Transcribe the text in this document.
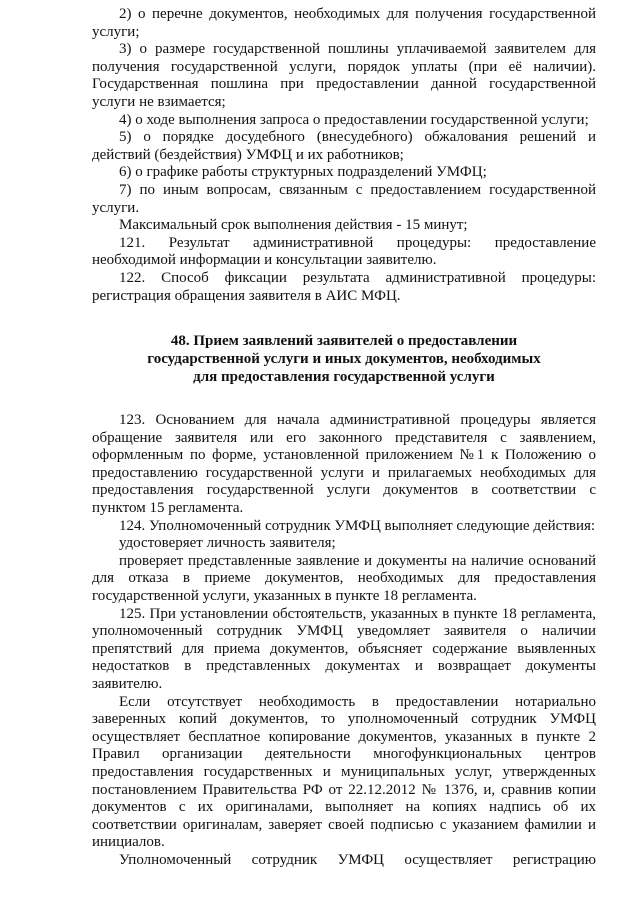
2) о перечне документов, необходимых для получения государственной услуги;

3) о размере государственной пошлины уплачиваемой заявителем для получения государственной услуги, порядок уплаты (при её наличии). Государственная пошлина при предоставлении данной государственной услуги не взимается;

4) о ходе выполнения запроса о предоставлении государственной услуги;

5) о порядке досудебного (внесудебного) обжалования решений и действий (бездействия) УМФЦ и их работников;

6) о графике работы структурных подразделений УМФЦ;

7) по иным вопросам, связанным с предоставлением государственной услуги.

Максимальный срок выполнения действия - 15 минут;

121. Результат административной процедуры: предоставление необходимой информации и консультации заявителю.

122. Способ фиксации результата административной процедуры: регистрация обращения заявителя в АИС МФЦ.

48. Прием заявлений заявителей о предоставлении
государственной услуги и иных документов, необходимых
для предоставления государственной услуги

123. Основанием для начала административной процедуры является обращение заявителя или его законного представителя с заявлением, оформленным по форме, установленной приложением №1 к Положению о предоставлению государственной услуги и прилагаемых необходимых для предоставления государственной услуги документов в соответствии с пунктом 15 регламента.

124. Уполномоченный сотрудник УМФЦ выполняет следующие действия:

удостоверяет личность заявителя;

проверяет представленные заявление и документы на наличие оснований для отказа в приеме документов, необходимых для предоставления государственной услуги, указанных в пункте 18 регламента.

125. При установлении обстоятельств, указанных в пункте 18 регламента, уполномоченный сотрудник УМФЦ уведомляет заявителя о наличии препятствий для приема документов, объясняет содержание выявленных недостатков в представленных документах и возвращает документы заявителю.

Если отсутствует необходимость в предоставлении нотариально заверенных копий документов, то уполномоченный сотрудник УМФЦ осуществляет бесплатное копирование документов, указанных в пункте 2 Правил организации деятельности многофункциональных центров предоставления государственных и муниципальных услуг, утвержденных постановлением Правительства РФ от 22.12.2012 № 1376, и, сравнив копии документов с их оригиналами, выполняет на копиях надпись об их соответствии оригиналам, заверяет своей подписью с указанием фамилии и инициалов.

Уполномоченный сотрудник УМФЦ осуществляет регистрацию
